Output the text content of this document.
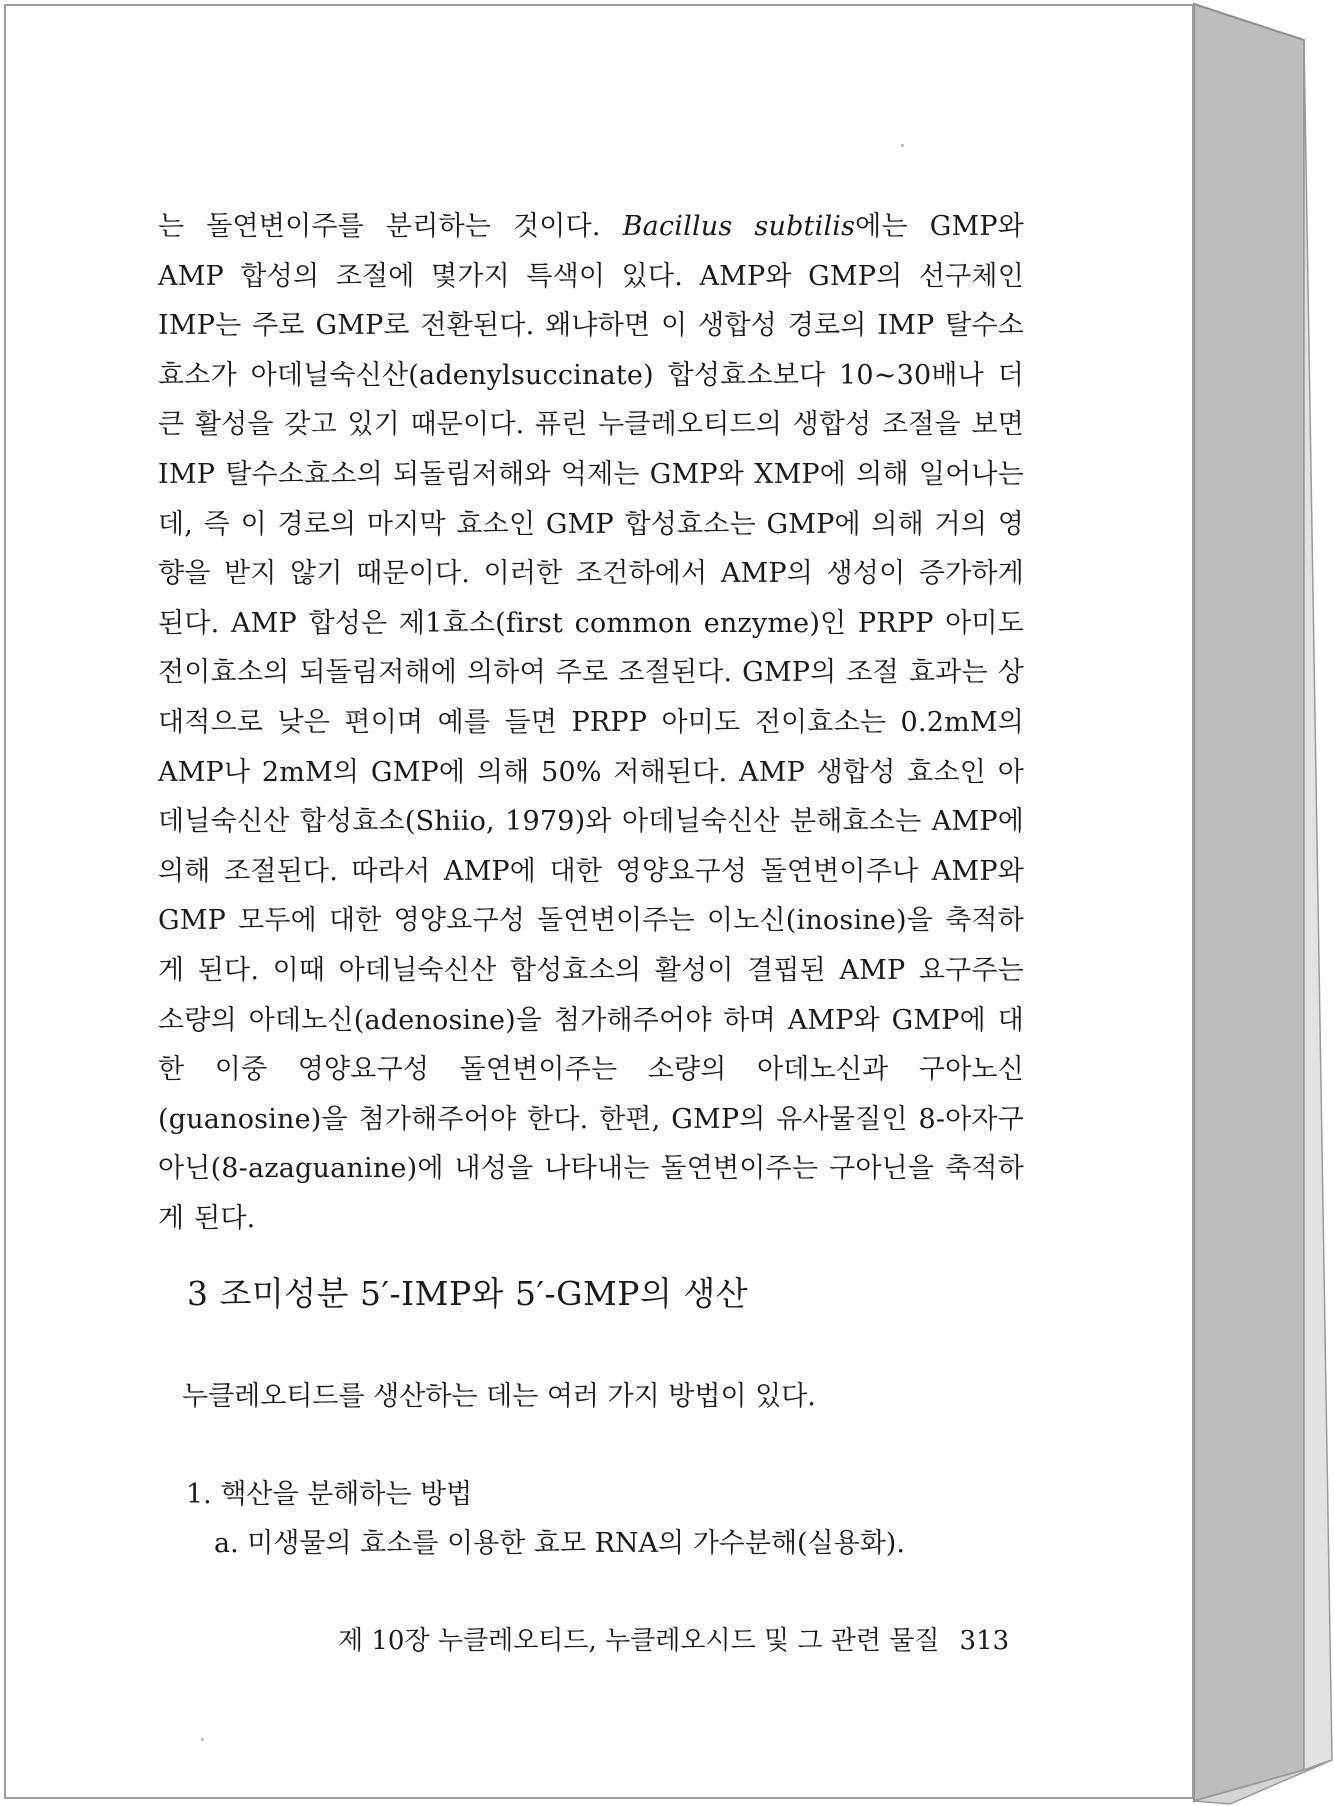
는 돌연변이주를 분리하는 것이다. Bacillus subtilis에는 GMP와 AMP 합성의 조절에 몇가지 특색이 있다. AMP와 GMP의 선구체인 IMP는 주로 GMP로 전환된다. 왜냐하면 이 생합성 경로의 IMP 탈수소효소가 아데닐숙신산(adenylsuccinate) 합성효소보다 10∼30배나 더 큰 활성을 갖고 있기 때문이다. 퓨린 누클레오티드의 생합성 조절을 보면 IMP 탈수소효소의 되돌림저해와 억제는 GMP와 XMP에 의해 일어나는데, 즉 이 경로의 마지막 효소인 GMP 합성효소는 GMP에 의해 거의 영향을 받지 않기 때문이다. 이러한 조건하에서 AMP의 생성이 증가하게 된다. AMP 합성은 제1효소(first common enzyme)인 PRPP 아미도 전이효소의 되돌림저해에 의하여 주로 조절된다. GMP의 조절 효과는 상대적으로 낮은 편이며 예를 들면 PRPP 아미도 전이효소는 0.2mM의 AMP나 2mM의 GMP에 의해 50% 저해된다. AMP 생합성 효소인 아데닐숙신산 합성효소(Shiio, 1979)와 아데닐숙신산 분해효소는 AMP에 의해 조절된다. 따라서 AMP에 대한 영양요구성 돌연변이주나 AMP와 GMP 모두에 대한 영양요구성 돌연변이주는 이노신(inosine)을 축적하게 된다. 이때 아데닐숙신산 합성효소의 활성이 결핍된 AMP 요구주는 소량의 아데노신(adenosine)을 첨가해주어야 하며 AMP와 GMP에 대한 이중 영양요구성 돌연변이주는 소량의 아데노신과 구아노신(guanosine)을 첨가해주어야 한다. 한편, GMP의 유사물질인 8-아자구아닌(8-azaguanine)에 내성을 나타내는 돌연변이주는 구아닌을 축적하게 된다.

3 조미성분 5′-IMP와 5′-GMP의 생산

누클레오티드를 생산하는 데는 여러 가지 방법이 있다.

1. 핵산을 분해하는 방법

a. 미생물의 효소를 이용한 효모 RNA의 가수분해(실용화).

제 10장 누클레오티드, 누클레오시드 및 그 관련 물질 313
